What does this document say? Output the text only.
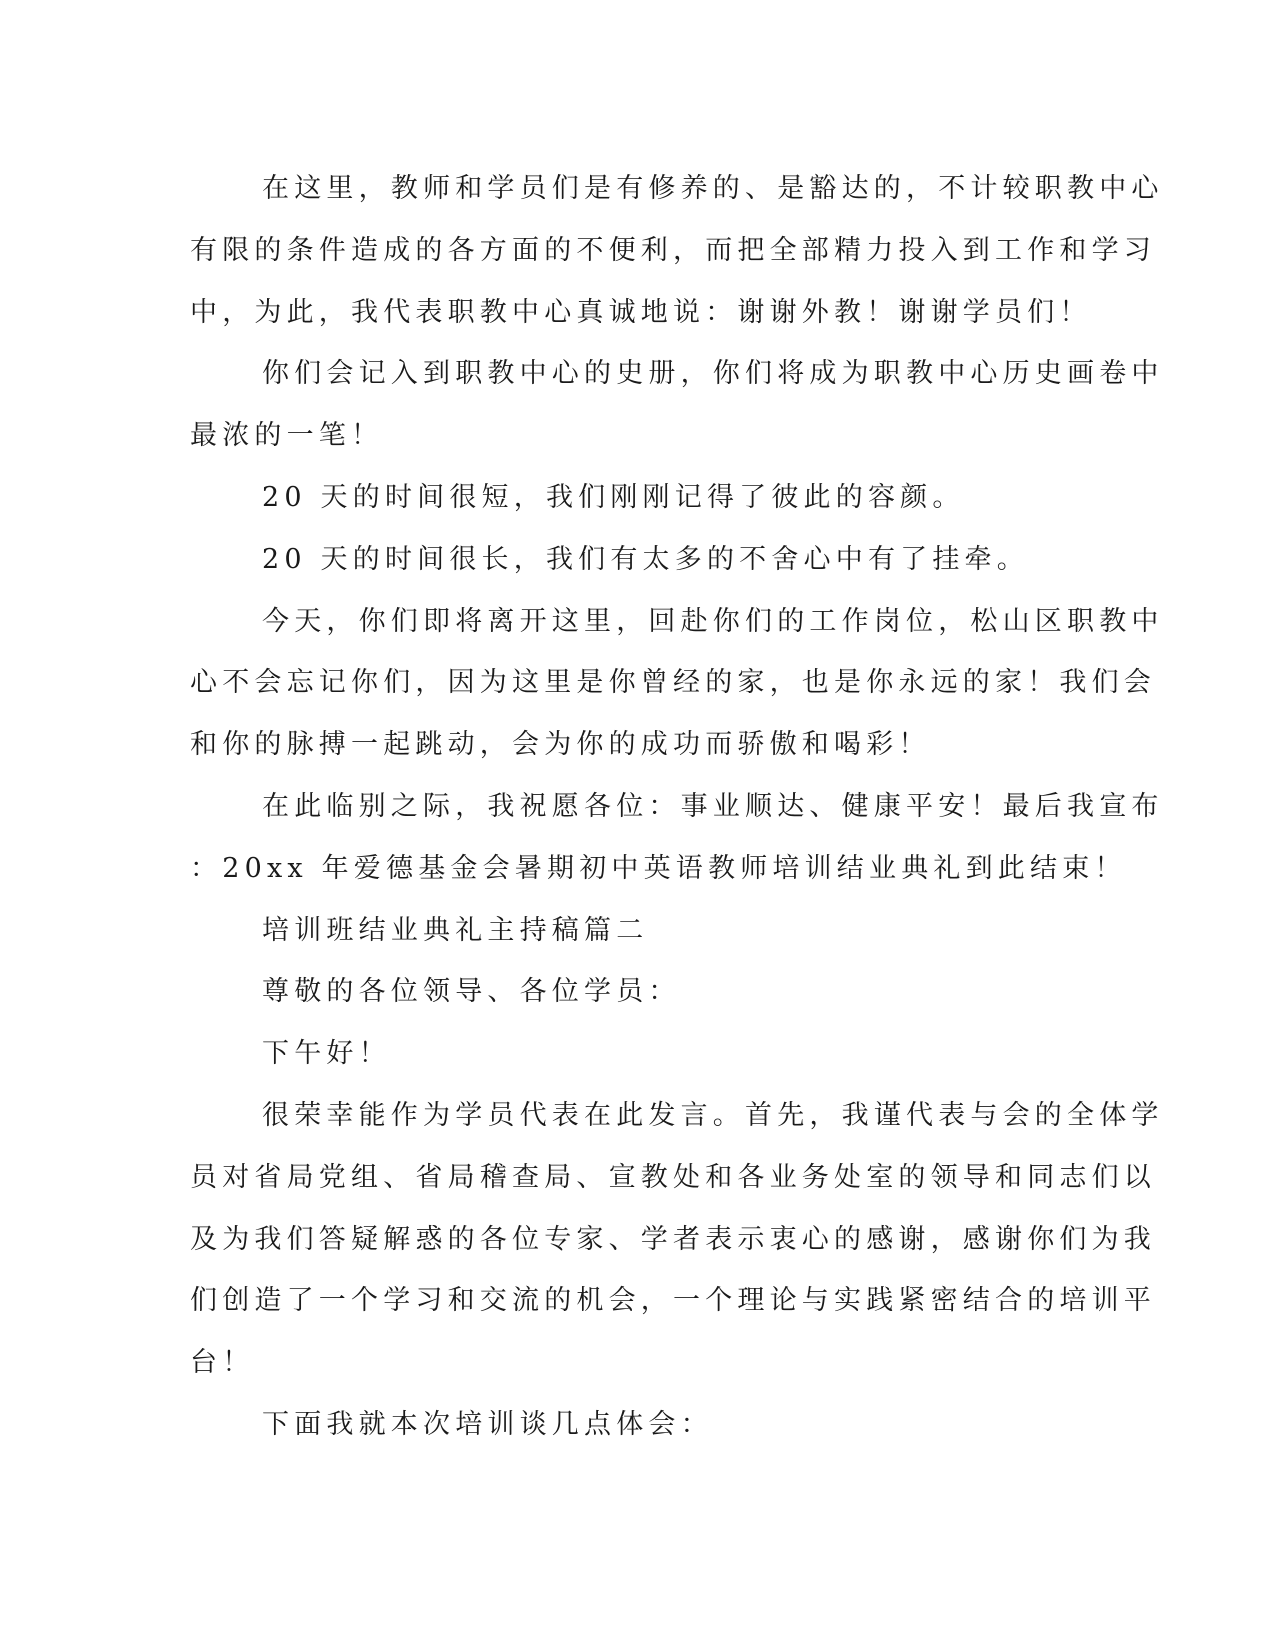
在这里，教师和学员们是有修养的、是豁达的，不计较职教中心
有限的条件造成的各方面的不便利，而把全部精力投入到工作和学习
中，为此，我代表职教中心真诚地说：谢谢外教！谢谢学员们！
你们会记入到职教中心的史册，你们将成为职教中心历史画卷中
最浓的一笔！
20 天的时间很短，我们刚刚记得了彼此的容颜。
20 天的时间很长，我们有太多的不舍心中有了挂牵。
今天，你们即将离开这里，回赴你们的工作岗位，松山区职教中
心不会忘记你们，因为这里是你曾经的家，也是你永远的家！我们会
和你的脉搏一起跳动，会为你的成功而骄傲和喝彩！
在此临别之际，我祝愿各位：事业顺达、健康平安！最后我宣布
：20xx 年爱德基金会暑期初中英语教师培训结业典礼到此结束！
培训班结业典礼主持稿篇二
尊敬的各位领导、各位学员：
下午好！
很荣幸能作为学员代表在此发言。首先，我谨代表与会的全体学
员对省局党组、省局稽查局、宣教处和各业务处室的领导和同志们以
及为我们答疑解惑的各位专家、学者表示衷心的感谢，感谢你们为我
们创造了一个学习和交流的机会，一个理论与实践紧密结合的培训平
台！
下面我就本次培训谈几点体会：
